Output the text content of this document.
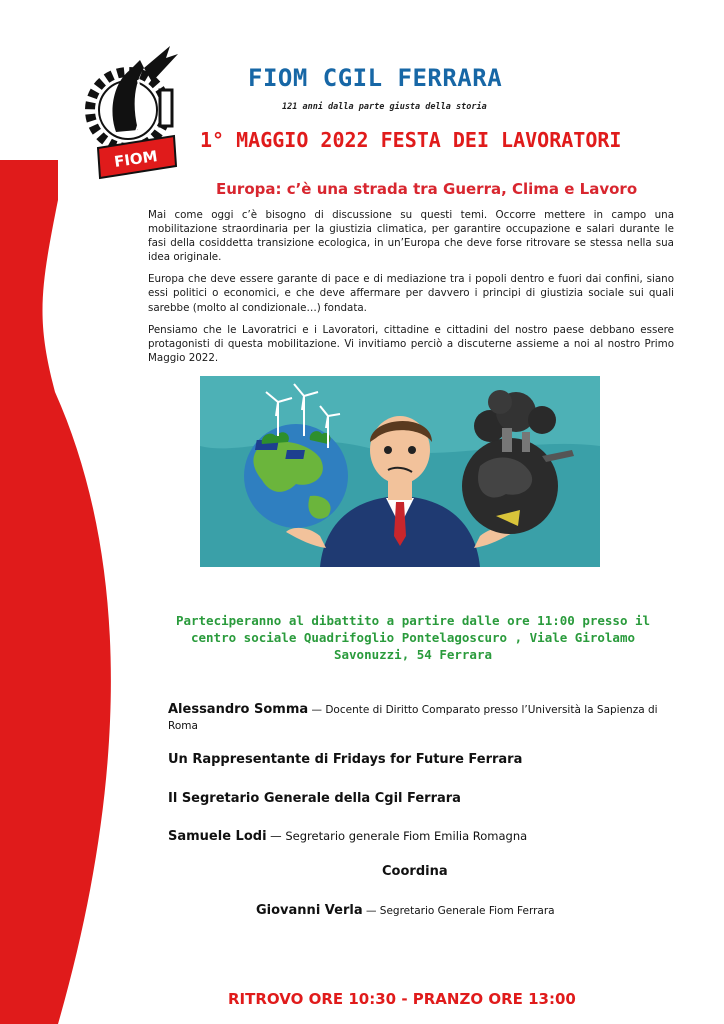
FIOM
FIOM CGIL FERRARA
121 anni dalla parte giusta della storia
1° MAGGIO 2022 FESTA DEI LAVORATORI
Europa: c’è una strada tra Guerra, Clima e Lavoro

Mai come oggi c’è bisogno di discussione su questi temi. Occorre mettere in campo una mobilitazione straordinaria per la giustizia climatica, per garantire occupazione e salari durante le fasi della cosiddetta transizione ecologica, in un’Europa che deve forse ritrovare se stessa nella sua idea originale.

Europa che deve essere garante di pace e di mediazione tra i popoli dentro e fuori dai confini, siano essi politici o economici, e che deve affermare per davvero i principi di giustizia sociale sui quali sarebbe (molto al condizionale…) fondata.

Pensiamo che le Lavoratrici e i Lavoratori, cittadine e cittadini del nostro paese debbano essere protagonisti di questa mobilitazione. Vi invitiamo perciò a discuterne assieme a noi al nostro Primo Maggio 2022.

Parteciperanno al dibattito a partire dalle ore 11:00 presso il
centro sociale Quadrifoglio Pontelagoscuro , Viale Girolamo
Savonuzzi, 54 Ferrara
Alessandro Somma — Docente di Diritto Comparato presso l’Università la Sapienza di Roma
Un Rappresentante di Fridays for Future Ferrara
Il Segretario Generale della Cgil Ferrara
Samuele Lodi — Segretario generale Fiom Emilia Romagna
Coordina
Giovanni Verla — Segretario Generale Fiom Ferrara
RITROVO ORE 10:30 - PRANZO ORE 13:00
